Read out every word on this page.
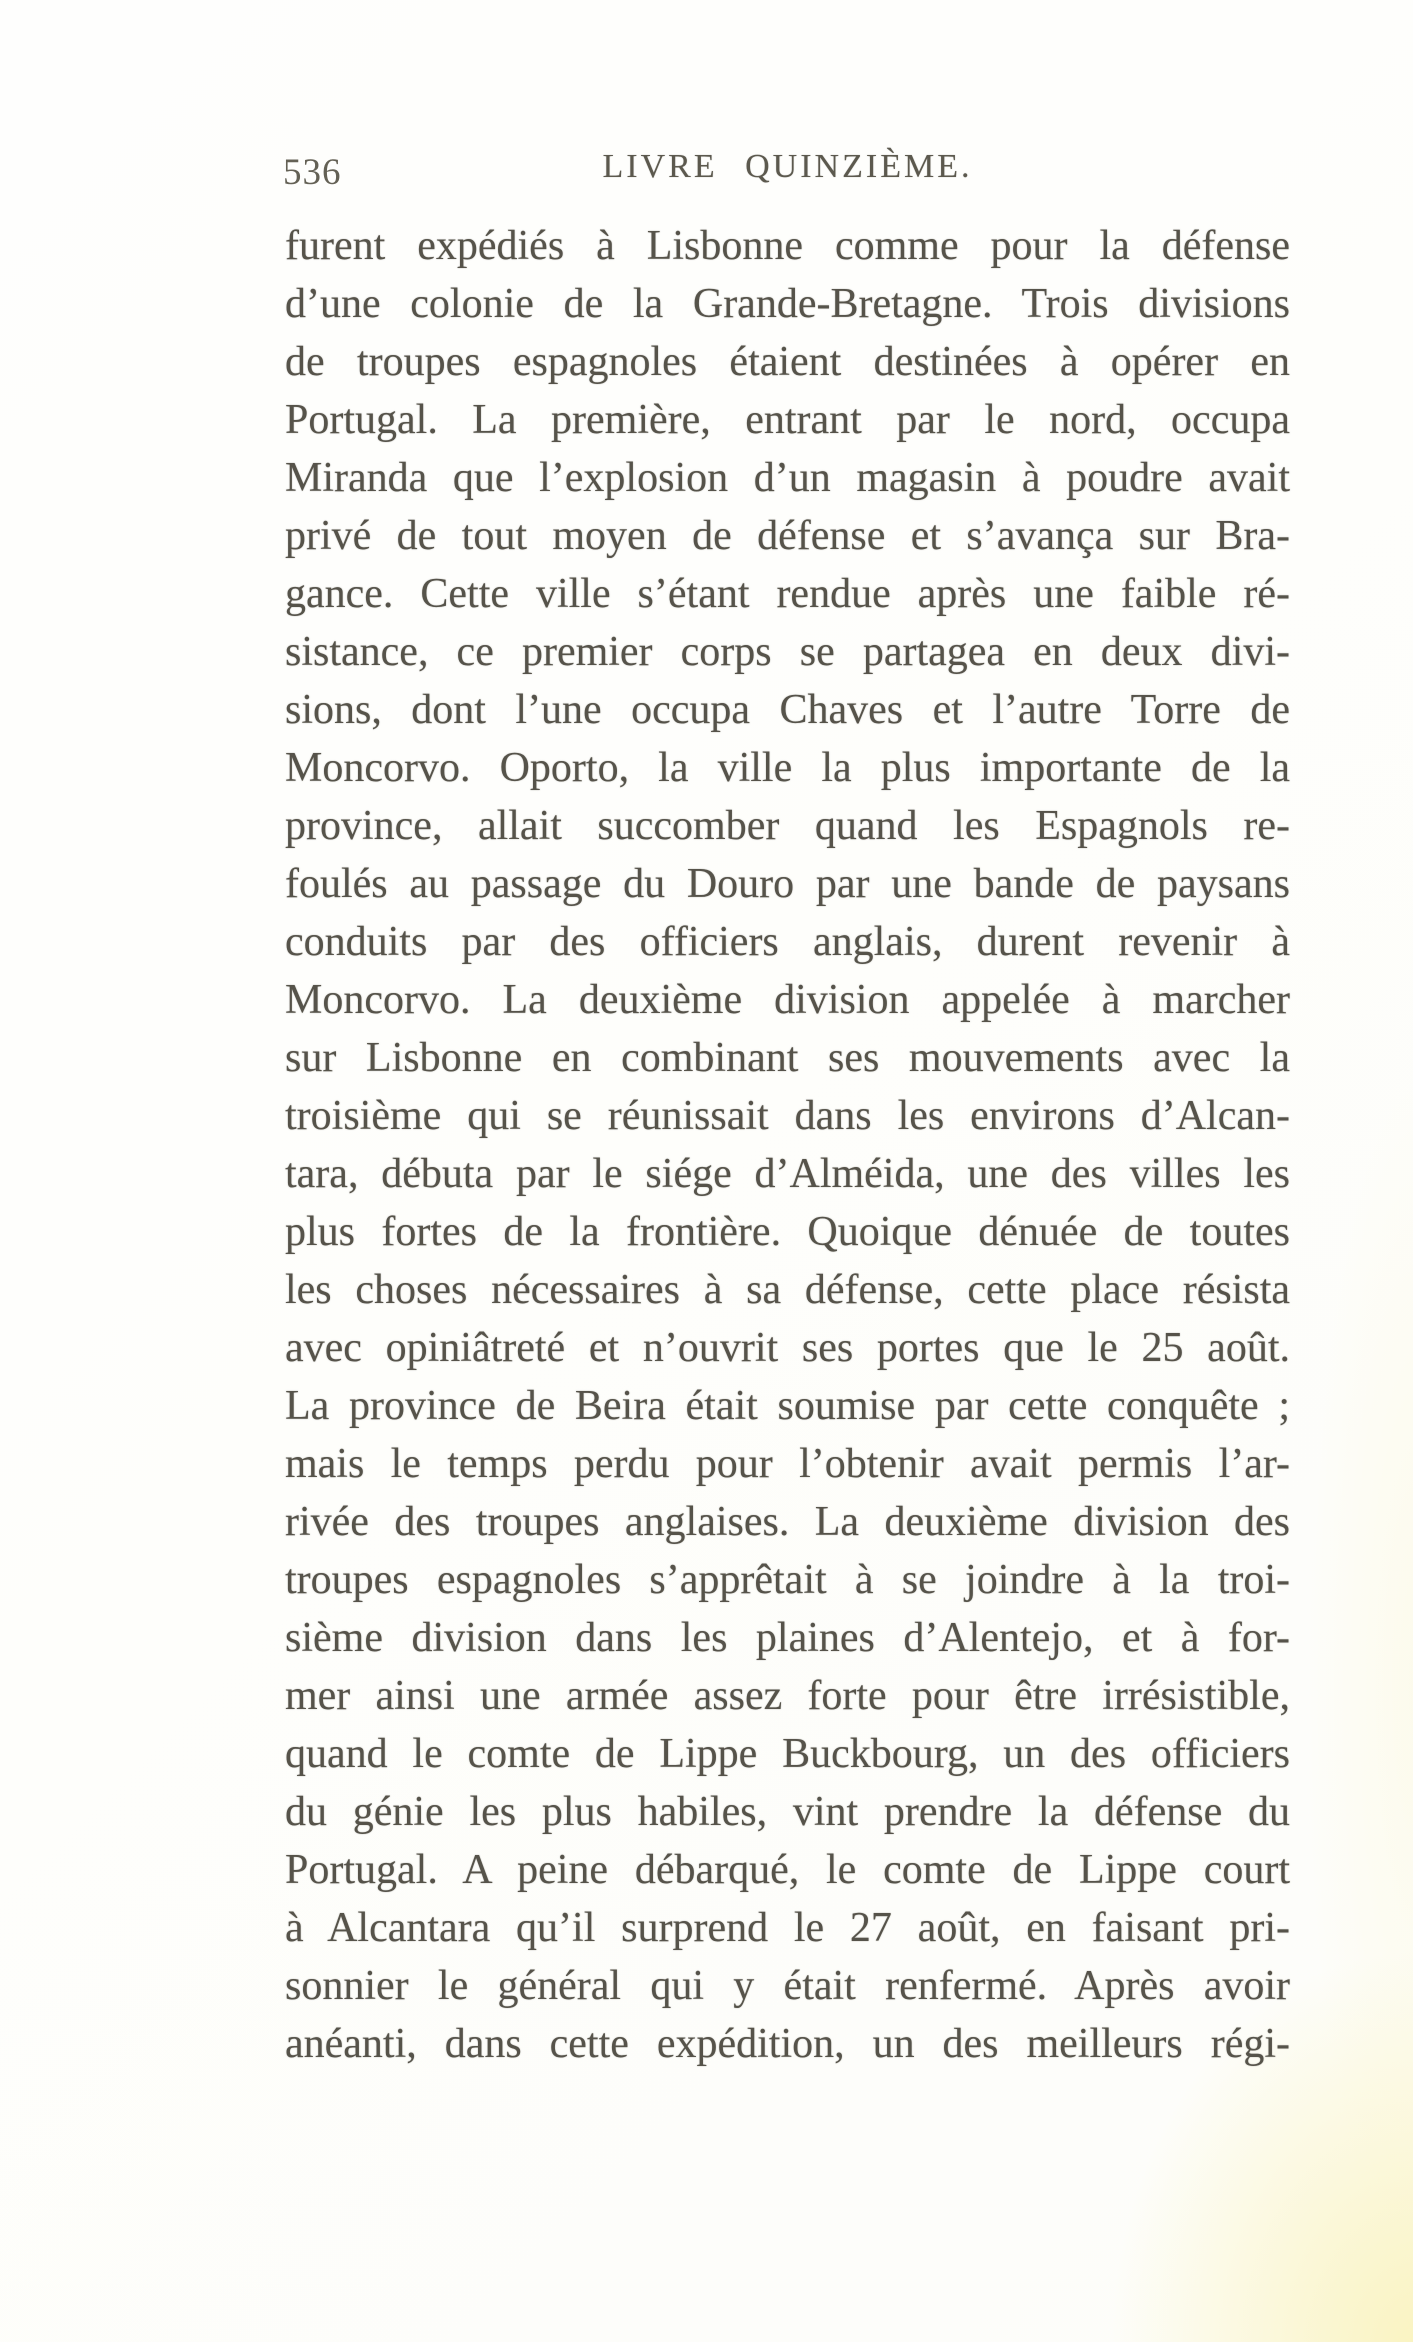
536	LIVRE QUINZIÈME.
furent expédiés à Lisbonne comme pour la défense
d’une colonie de la Grande-Bretagne. Trois divisions
de troupes espagnoles étaient destinées à opérer en
Portugal. La première, entrant par le nord, occupa
Miranda que l’explosion d’un magasin à poudre avait
privé de tout moyen de défense et s’avança sur Bra-
gance. Cette ville s’étant rendue après une faible ré-
sistance, ce premier corps se partagea en deux divi-
sions, dont l’une occupa Chaves et l’autre Torre de
Moncorvo. Oporto, la ville la plus importante de la
province, allait succomber quand les Espagnols re-
foulés au passage du Douro par une bande de paysans
conduits par des officiers anglais, durent revenir à
Moncorvo. La deuxième division appelée à marcher
sur Lisbonne en combinant ses mouvements avec la
troisième qui se réunissait dans les environs d’Alcan-
tara, débuta par le siége d’Alméida, une des villes les
plus fortes de la frontière. Quoique dénuée de toutes
les choses nécessaires à sa défense, cette place résista
avec opiniâtreté et n’ouvrit ses portes que le 25 août.
La province de Beira était soumise par cette conquête ;
mais le temps perdu pour l’obtenir avait permis l’ar-
rivée des troupes anglaises. La deuxième division des
troupes espagnoles s’apprêtait à se joindre à la troi-
sième division dans les plaines d’Alentejo, et à for-
mer ainsi une armée assez forte pour être irrésistible,
quand le comte de Lippe Buckbourg, un des officiers
du génie les plus habiles, vint prendre la défense du
Portugal. A peine débarqué, le comte de Lippe court
à Alcantara qu’il surprend le 27 août, en faisant pri-
sonnier le général qui y était renfermé. Après avoir
anéanti, dans cette expédition, un des meilleurs régi-
